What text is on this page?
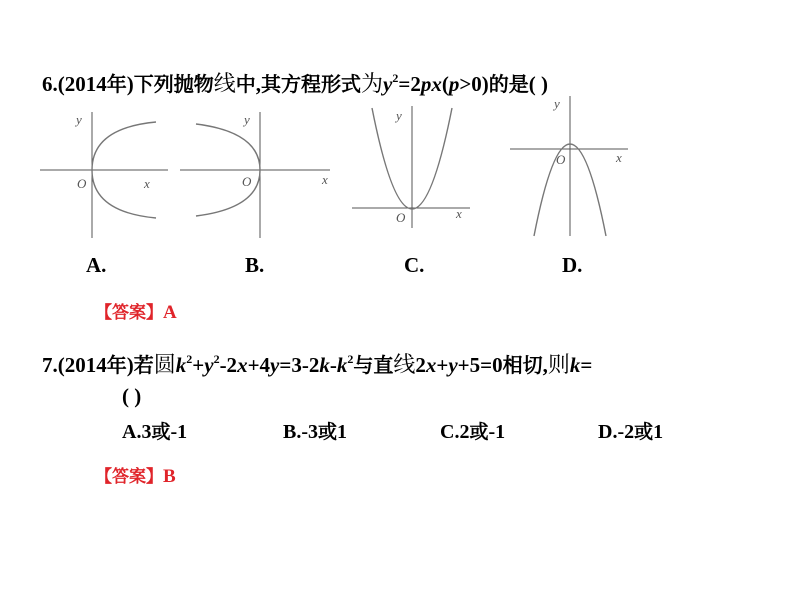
6.(2014年)下列抛物线中,其方程形式为$y^2=2px(p>0)$的是( )
y
x
O
y
x
O
y
x
O
y
x
O
A.	B.	C.	D.
【答案】A
7.(2014年)若圆$k^2+y^2-2x+4y=3-2k-k^2$与直线2x+y+5=0相切,则k=
( )
A.3或-1	B.-3或1	C.2或-1	D.-2或1
【答案】B
